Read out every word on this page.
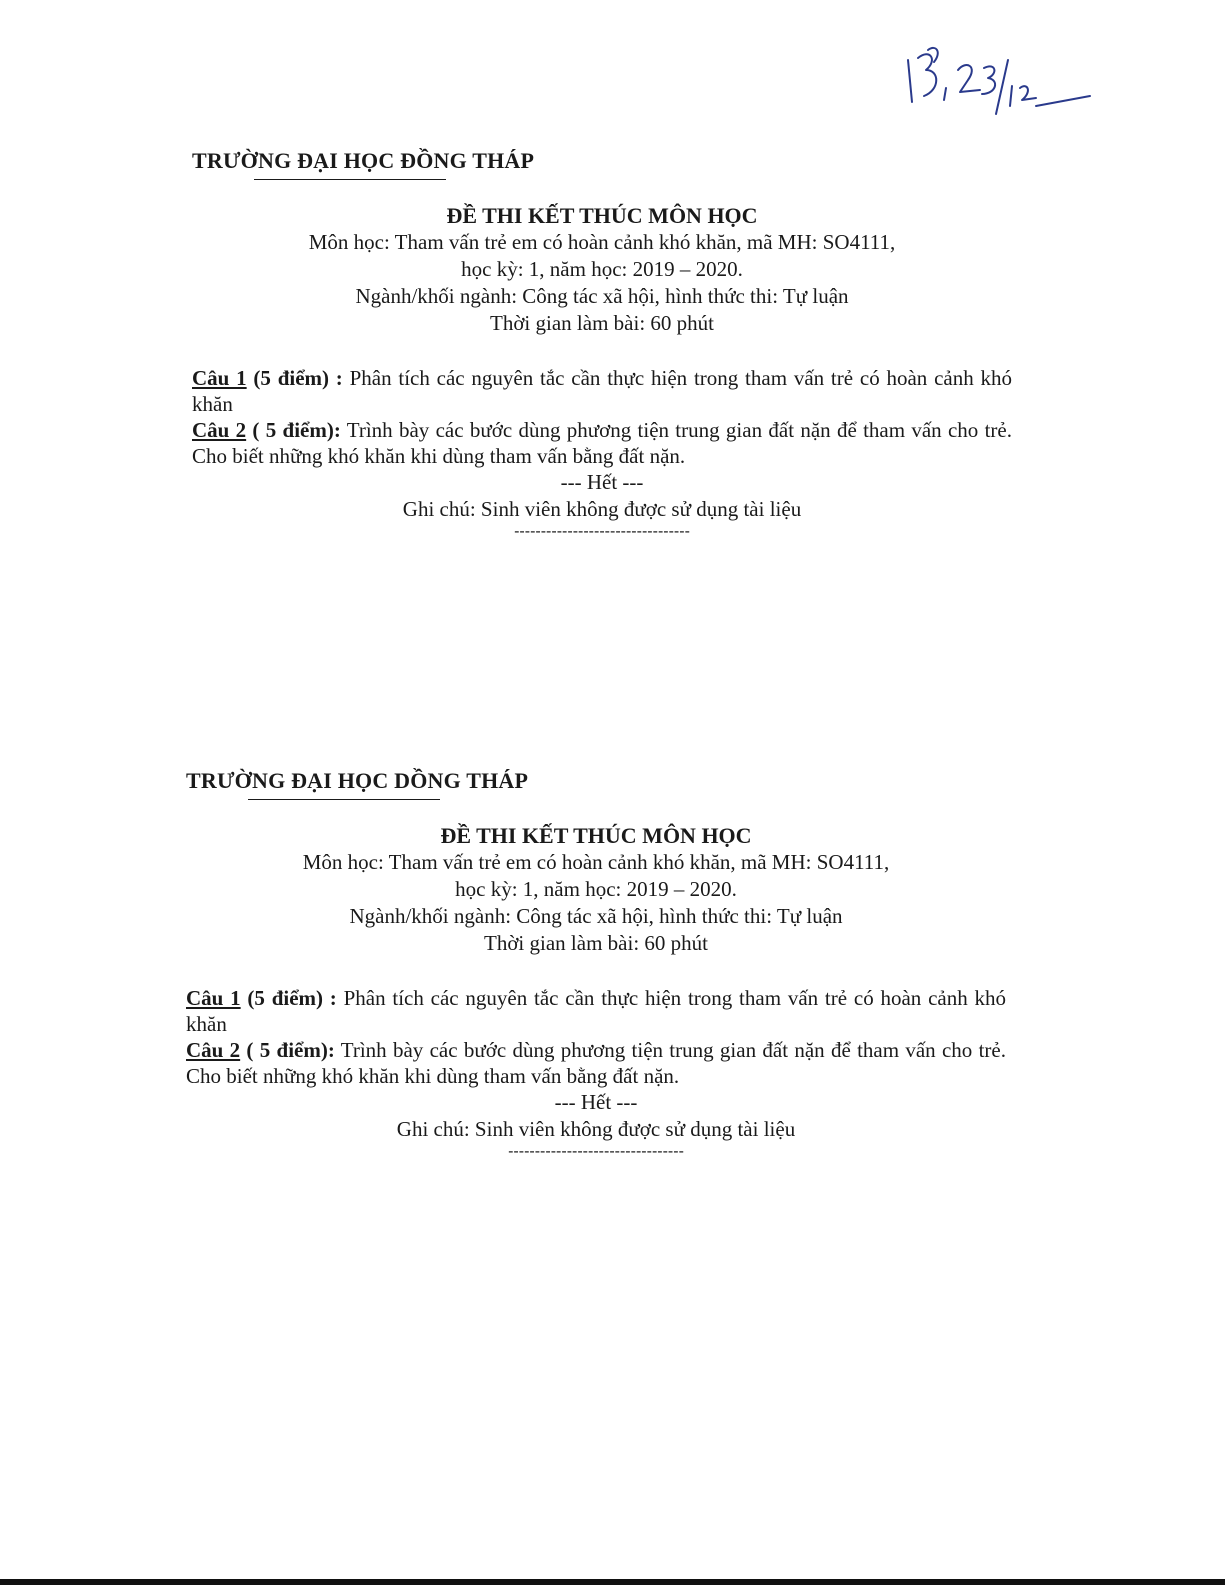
TRƯỜNG ĐẠI HỌC ĐỒNG THÁP
ĐỀ THI KẾT THÚC MÔN HỌC
Môn học: Tham vấn trẻ em có hoàn cảnh khó khăn, mã MH: SO4111,
học kỳ: 1, năm học: 2019 – 2020.
Ngành/khối ngành: Công tác xã hội, hình thức thi: Tự luận
Thời gian làm bài: 60 phút

Câu 1 (5 điểm) : Phân tích các nguyên tắc cần thực hiện trong tham vấn trẻ có hoàn cảnh khó khăn

Câu 2 ( 5 điểm): Trình bày các bước dùng phương tiện trung gian đất nặn để tham vấn cho trẻ. Cho biết những khó khăn khi dùng tham vấn bằng đất nặn.

--- Hết ---
Ghi chú: Sinh viên không được sử dụng tài liệu
---------------------------------
TRƯỜNG ĐẠI HỌC DỒNG THÁP
ĐỀ THI KẾT THÚC MÔN HỌC
Môn học: Tham vấn trẻ em có hoàn cảnh khó khăn, mã MH: SO4111,
học kỳ: 1, năm học: 2019 – 2020.
Ngành/khối ngành: Công tác xã hội, hình thức thi: Tự luận
Thời gian làm bài: 60 phút

Câu 1 (5 điểm) : Phân tích các nguyên tắc cần thực hiện trong tham vấn trẻ có hoàn cảnh khó khăn

Câu 2 ( 5 điểm): Trình bày các bước dùng phương tiện trung gian đất nặn để tham vấn cho trẻ. Cho biết những khó khăn khi dùng tham vấn bằng đất nặn.

--- Hết ---
Ghi chú: Sinh viên không được sử dụng tài liệu
---------------------------------
